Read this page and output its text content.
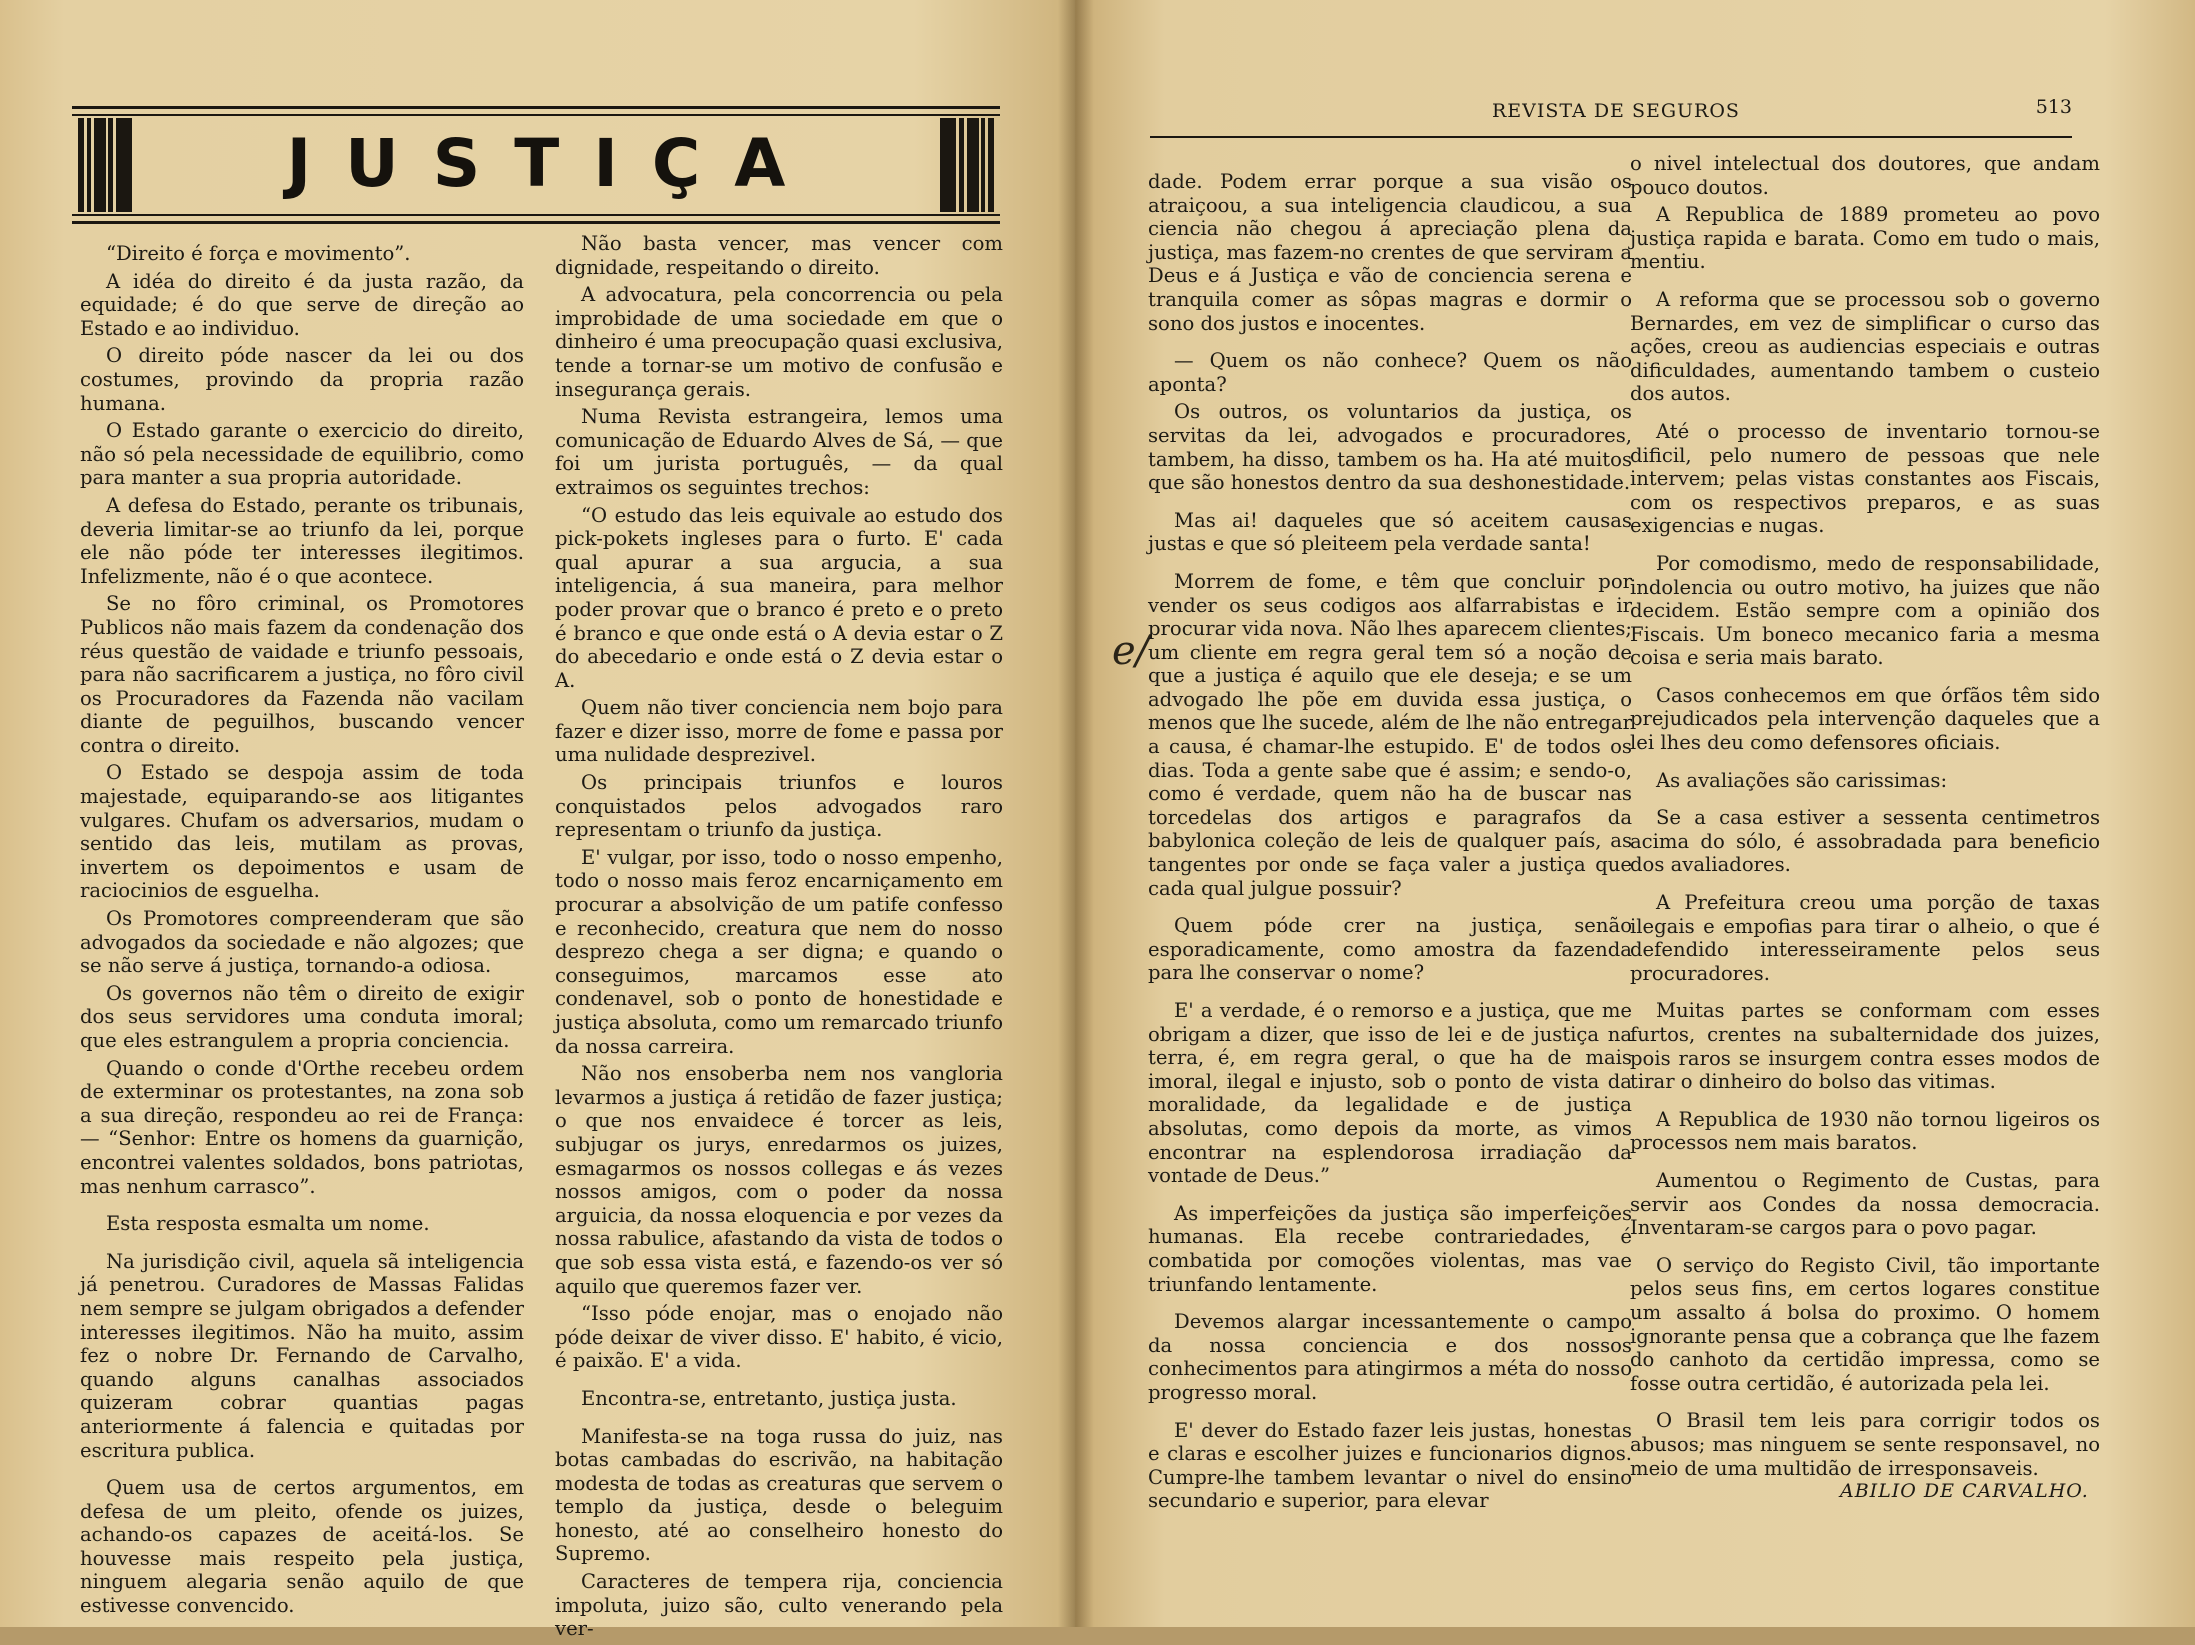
JUSTIÇA

“Direito é força e movimento”.

A idéa do direito é da justa razão, da equidade; é do que serve de direção ao Estado e ao individuo.

O direito póde nascer da lei ou dos costumes, provindo da propria razão humana.

O Estado garante o exercicio do direito, não só pela necessidade de equilibrio, como para manter a sua propria autoridade.

A defesa do Estado, perante os tribunais, deveria limitar-se ao triunfo da lei, porque ele não póde ter interesses ilegitimos. Infelizmente, não é o que acontece.

Se no fôro criminal, os Promotores Publicos não mais fazem da condenação dos réus questão de vaidade e triunfo pessoais, para não sacrificarem a justiça, no fôro civil os Procuradores da Fazenda não vacilam diante de peguilhos, buscando vencer contra o direito.

O Estado se despoja assim de toda majestade, equiparando-se aos litigantes vulgares. Chufam os adversarios, mudam o sentido das leis, mutilam as provas, invertem os depoimentos e usam de raciocinios de esguelha.

Os Promotores compreenderam que são advogados da sociedade e não algozes; que se não serve á justiça, tornando-a odiosa.

Os governos não têm o direito de exigir dos seus servidores uma conduta imoral; que eles estrangulem a propria conciencia.

Quando o conde d'Orthe recebeu ordem de exterminar os protestantes, na zona sob a sua direção, respondeu ao rei de França: — “Senhor: Entre os homens da guarnição, encontrei valentes soldados, bons patriotas, mas nenhum carrasco”.

Esta resposta esmalta um nome.

Na jurisdição civil, aquela sã inteligencia já penetrou. Curadores de Massas Falidas nem sempre se julgam obrigados a defender interesses ilegitimos. Não ha muito, assim fez o nobre Dr. Fernando de Carvalho, quando alguns canalhas associados quizeram cobrar quantias pagas anteriormente á falencia e quitadas por escritura publica.

Quem usa de certos argumentos, em defesa de um pleito, ofende os juizes, achando-os capazes de aceitá-los. Se houvesse mais respeito pela justiça, ninguem alegaria senão aquilo de que estivesse convencido.

Não basta vencer, mas vencer com dignidade, respeitando o direito.

A advocatura, pela concorrencia ou pela improbidade de uma sociedade em que o dinheiro é uma preocupação quasi exclusiva, tende a tornar-se um motivo de confusão e insegurança gerais.

Numa Revista estrangeira, lemos uma comunicação de Eduardo Alves de Sá, — que foi um jurista português, — da qual extraimos os seguintes trechos:

“O estudo das leis equivale ao estudo dos pick-pokets ingleses para o furto. E' cada qual apurar a sua argucia, a sua inteligencia, á sua maneira, para melhor poder provar que o branco é preto e o preto é branco e que onde está o A devia estar o Z do abecedario e onde está o Z devia estar o A.

Quem não tiver conciencia nem bojo para fazer e dizer isso, morre de fome e passa por uma nulidade desprezivel.

Os principais triunfos e louros conquistados pelos advogados raro representam o triunfo da justiça.

E' vulgar, por isso, todo o nosso empenho, todo o nosso mais feroz encarniçamento em procurar a absolvição de um patife confesso e reconhecido, creatura que nem do nosso desprezo chega a ser digna; e quando o conseguimos, marcamos esse ato condenavel, sob o ponto de honestidade e justiça absoluta, como um remarcado triunfo da nossa carreira.

Não nos ensoberba nem nos vangloria levarmos a justiça á retidão de fazer justiça; o que nos envaidece é torcer as leis, subjugar os jurys, enredarmos os juizes, esmagarmos os nossos collegas e ás vezes nossos amigos, com o poder da nossa arguicia, da nossa eloquencia e por vezes da nossa rabulice, afastando da vista de todos o que sob essa vista está, e fazendo-os ver só aquilo que queremos fazer ver.

“Isso póde enojar, mas o enojado não póde deixar de viver disso. E' habito, é vicio, é paixão. E' a vida.

Encontra-se, entretanto, justiça justa.

Manifesta-se na toga russa do juiz, nas botas cambadas do escrivão, na habitação modesta de todas as creaturas que servem o templo da justiça, desde o beleguim honesto, até ao conselheiro honesto do Supremo.

Caracteres de tempera rija, conciencia impoluta, juizo são, culto venerando pela ver-

REVISTA DE SEGUROS	513
e/

dade. Podem errar porque a sua visão os atraiçoou, a sua inteligencia claudicou, a sua ciencia não chegou á apreciação plena da justiça, mas fazem-no crentes de que serviram a Deus e á Justiça e vão de conciencia serena e tranquila comer as sôpas magras e dormir o sono dos justos e inocentes.

— Quem os não conhece? Quem os não aponta?

Os outros, os voluntarios da justiça, os servitas da lei, advogados e procuradores, tambem, ha disso, tambem os ha. Ha até muitos que são honestos dentro da sua deshonestidade.

Mas ai! daqueles que só aceitem causas justas e que só pleiteem pela verdade santa!

Morrem de fome, e têm que concluir por vender os seus codigos aos alfarrabistas e ir procurar vida nova. Não lhes aparecem clientes; um cliente em regra geral tem só a noção de que a justiça é aquilo que ele deseja; e se um advogado lhe põe em duvida essa justiça, o menos que lhe sucede, além de lhe não entregar a causa, é chamar-lhe estupido. E' de todos os dias. Toda a gente sabe que é assim; e sendo-o, como é verdade, quem não ha de buscar nas torcedelas dos artigos e paragrafos da babylonica coleção de leis de qualquer país, as tangentes por onde se faça valer a justiça que cada qual julgue possuir?

Quem póde crer na justiça, senão esporadicamente, como amostra da fazenda para lhe conservar o nome?

E' a verdade, é o remorso e a justiça, que me obrigam a dizer, que isso de lei e de justiça na terra, é, em regra geral, o que ha de mais imoral, ilegal e injusto, sob o ponto de vista da moralidade, da legalidade e de justiça absolutas, como depois da morte, as vimos encontrar na esplendorosa irradiação da vontade de Deus.”

As imperfeições da justiça são imperfeições humanas. Ela recebe contrariedades, é combatida por comoções violentas, mas vae triunfando lentamente.

Devemos alargar incessantemente o campo da nossa conciencia e dos nossos conhecimentos para atingirmos a méta do nosso progresso moral.

E' dever do Estado fazer leis justas, honestas e claras e escolher juizes e funcionarios dignos. Cumpre-lhe tambem levantar o nivel do ensino secundario e superior, para elevar

o nivel intelectual dos doutores, que andam pouco doutos.

A Republica de 1889 prometeu ao povo justiça rapida e barata. Como em tudo o mais, mentiu.

A reforma que se processou sob o governo Bernardes, em vez de simplificar o curso das ações, creou as audiencias especiais e outras dificuldades, aumentando tambem o custeio dos autos.

Até o processo de inventario tornou-se dificil, pelo numero de pessoas que nele intervem; pelas vistas constantes aos Fiscais, com os respectivos preparos, e as suas exigencias e nugas.

Por comodismo, medo de responsabilidade, indolencia ou outro motivo, ha juizes que não decidem. Estão sempre com a opinião dos Fiscais. Um boneco mecanico faria a mesma coisa e seria mais barato.

Casos conhecemos em que órfãos têm sido prejudicados pela intervenção daqueles que a lei lhes deu como defensores oficiais.

As avaliações são carissimas:

Se a casa estiver a sessenta centimetros acima do sólo, é assobradada para beneficio dos avaliadores.

A Prefeitura creou uma porção de taxas ilegais e empofias para tirar o alheio, o que é defendido interesseiramente pelos seus procuradores.

Muitas partes se conformam com esses furtos, crentes na subalternidade dos juizes, pois raros se insurgem contra esses modos de tirar o dinheiro do bolso das vitimas.

A Republica de 1930 não tornou ligeiros os processos nem mais baratos.

Aumentou o Regimento de Custas, para servir aos Condes da nossa democracia. Inventaram-se cargos para o povo pagar.

O serviço do Registo Civil, tão importante pelos seus fins, em certos logares constitue um assalto á bolsa do proximo. O homem ignorante pensa que a cobrança que lhe fazem do canhoto da certidão impressa, como se fosse outra certidão, é autorizada pela lei.

O Brasil tem leis para corrigir todos os abusos; mas ninguem se sente responsavel, no meio de uma multidão de irresponsaveis.

ABILIO DE CARVALHO.
